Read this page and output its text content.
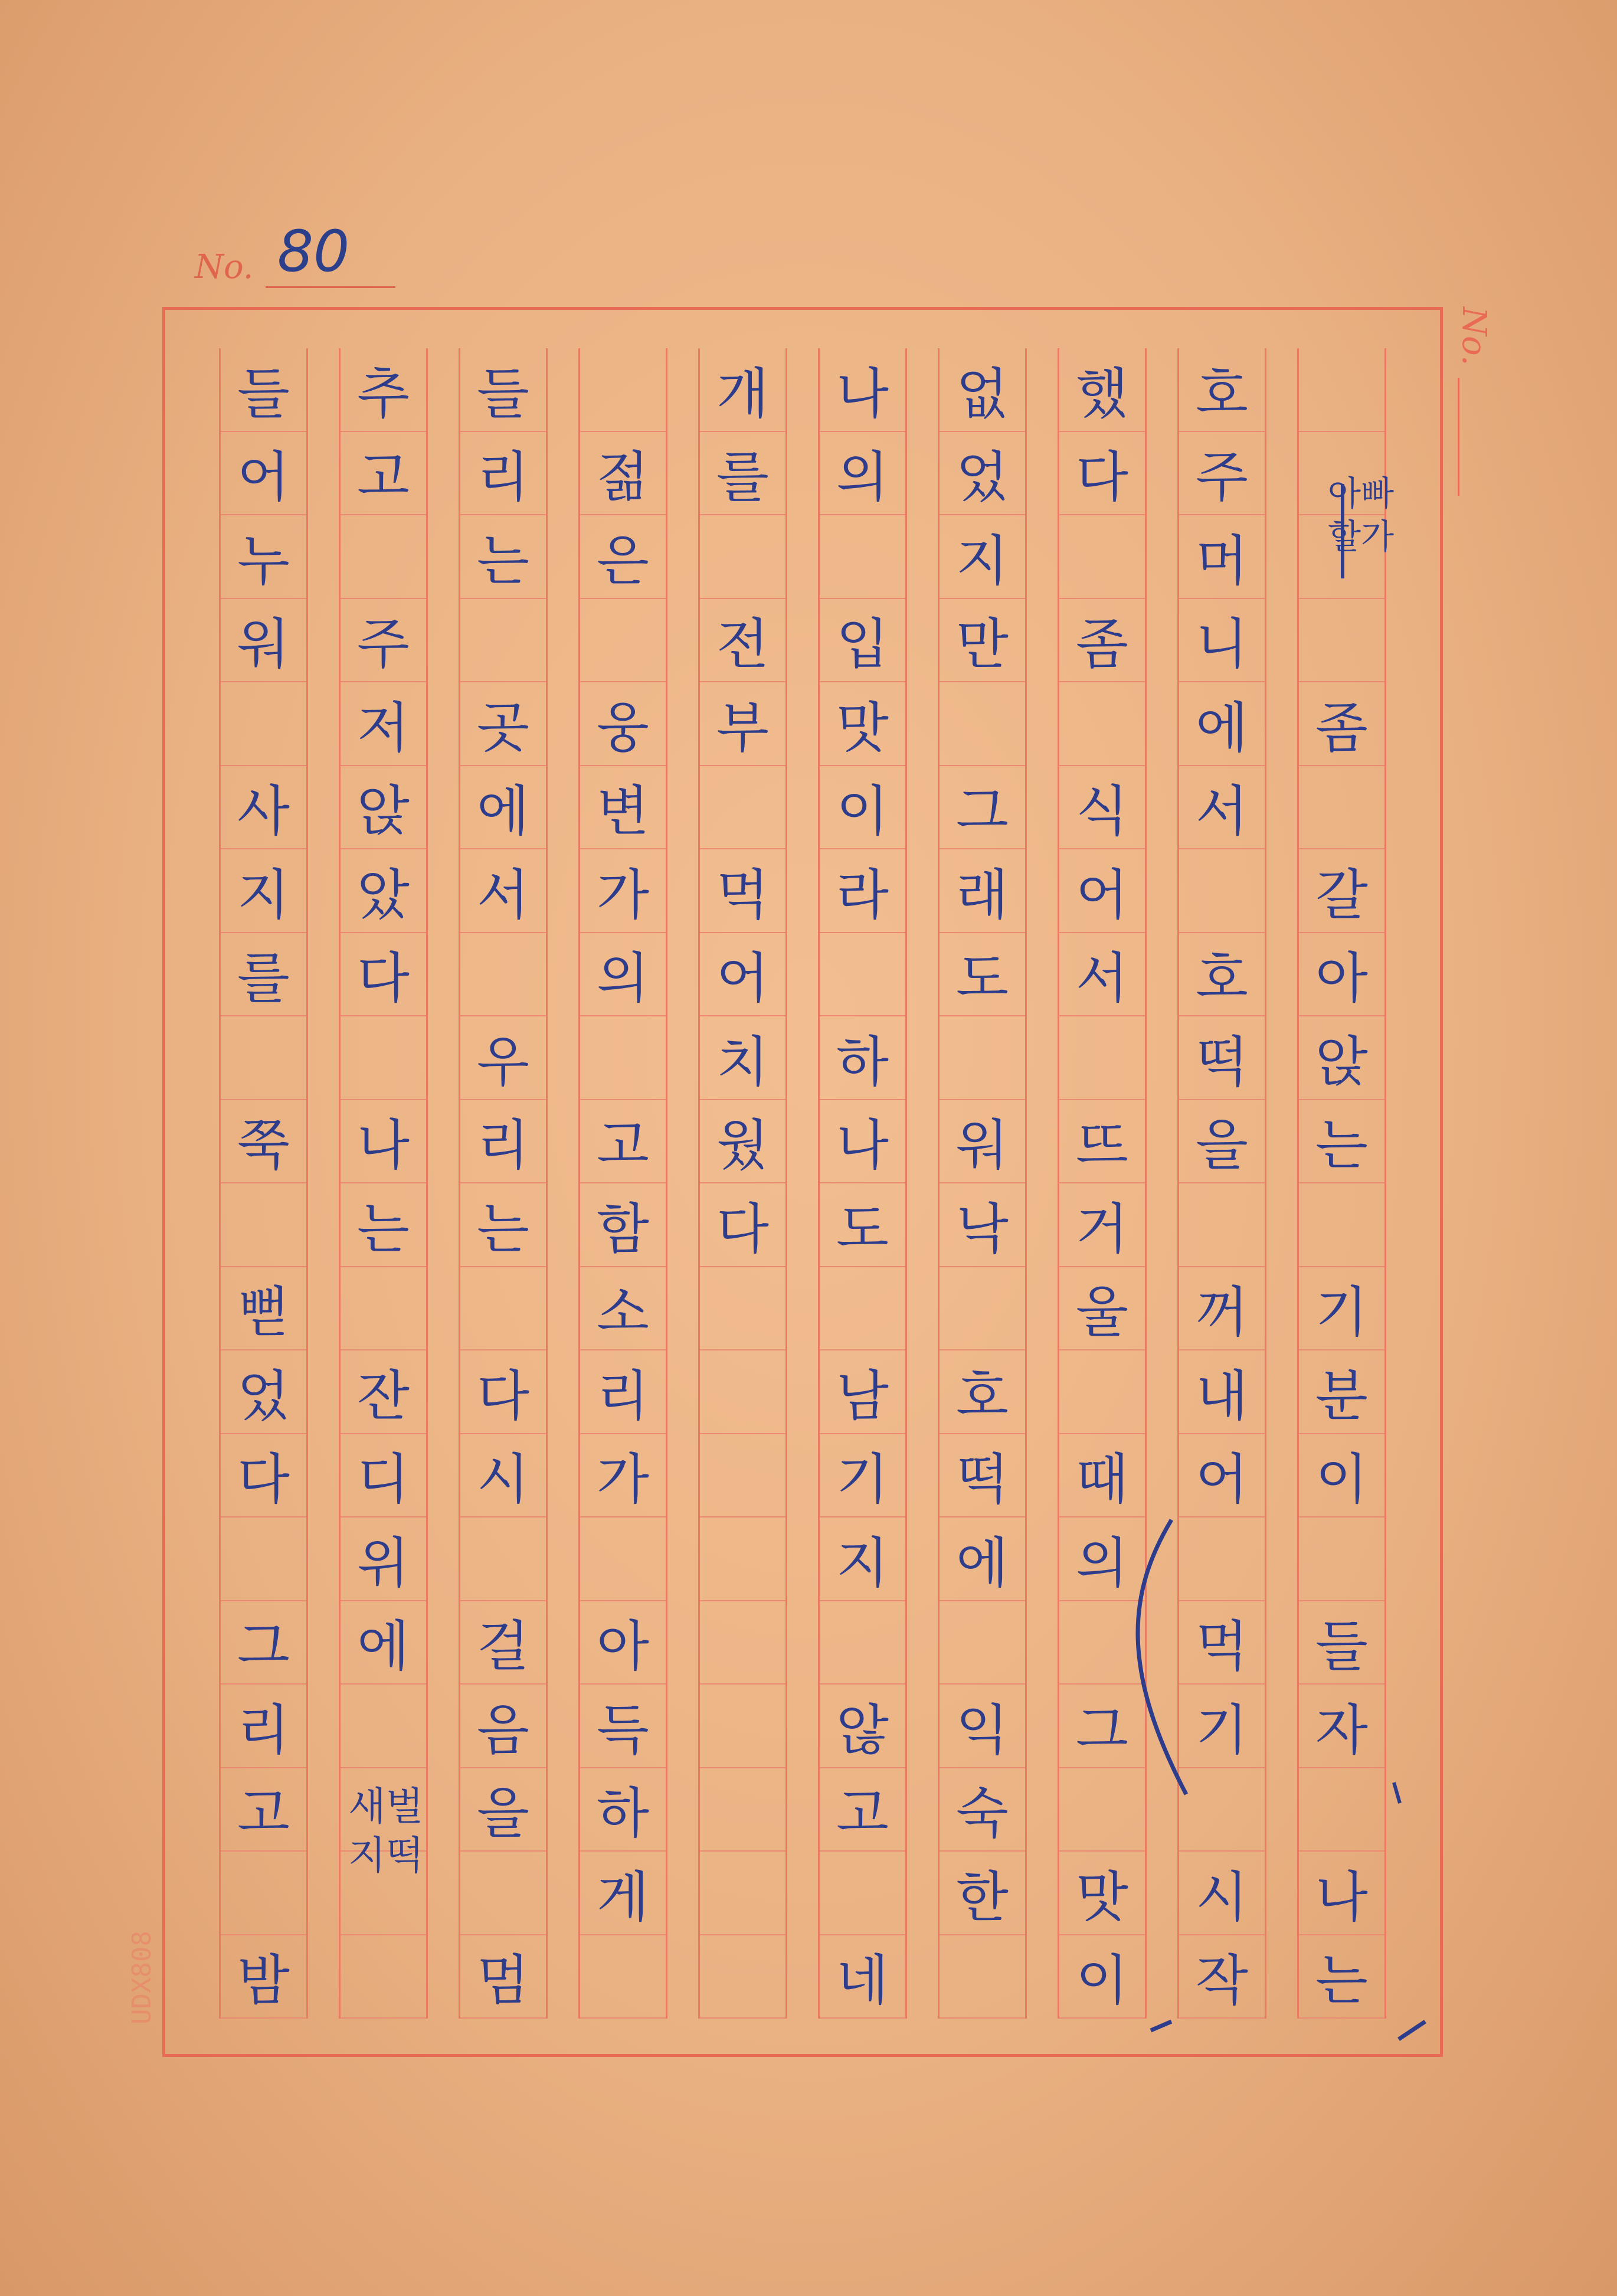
No. 80
No.
UDX808
좀
갈
아
앉
는
기
분
이
들
자
나
는
호
주
머
니
에
서
호
떡
을
꺼
내
어
먹
기
시
작
했
다
좀
식
어
서
뜨
거
울
때
의
그
맛
이
없
었
지
만
그
래
도
워
낙
호
떡
에
익
숙
한
나
의
입
맛
이
라
하
나
도
남
기
지
않
고
네
개
를
전
부
먹
어
치
웠
다
젊
은
웅
변
가
의
고
함
소
리
가
아
득
하
게
들
리
는
곳
에
서
우
리
는
다
시
걸
음
을
멈
추
고
주
저
앉
았
다
나
는
잔
디
위
에
들
어
누
워
사
지
를
쭉
뻗
었
다
그
리
고
밤
아빠
할가
새벌
지떡
